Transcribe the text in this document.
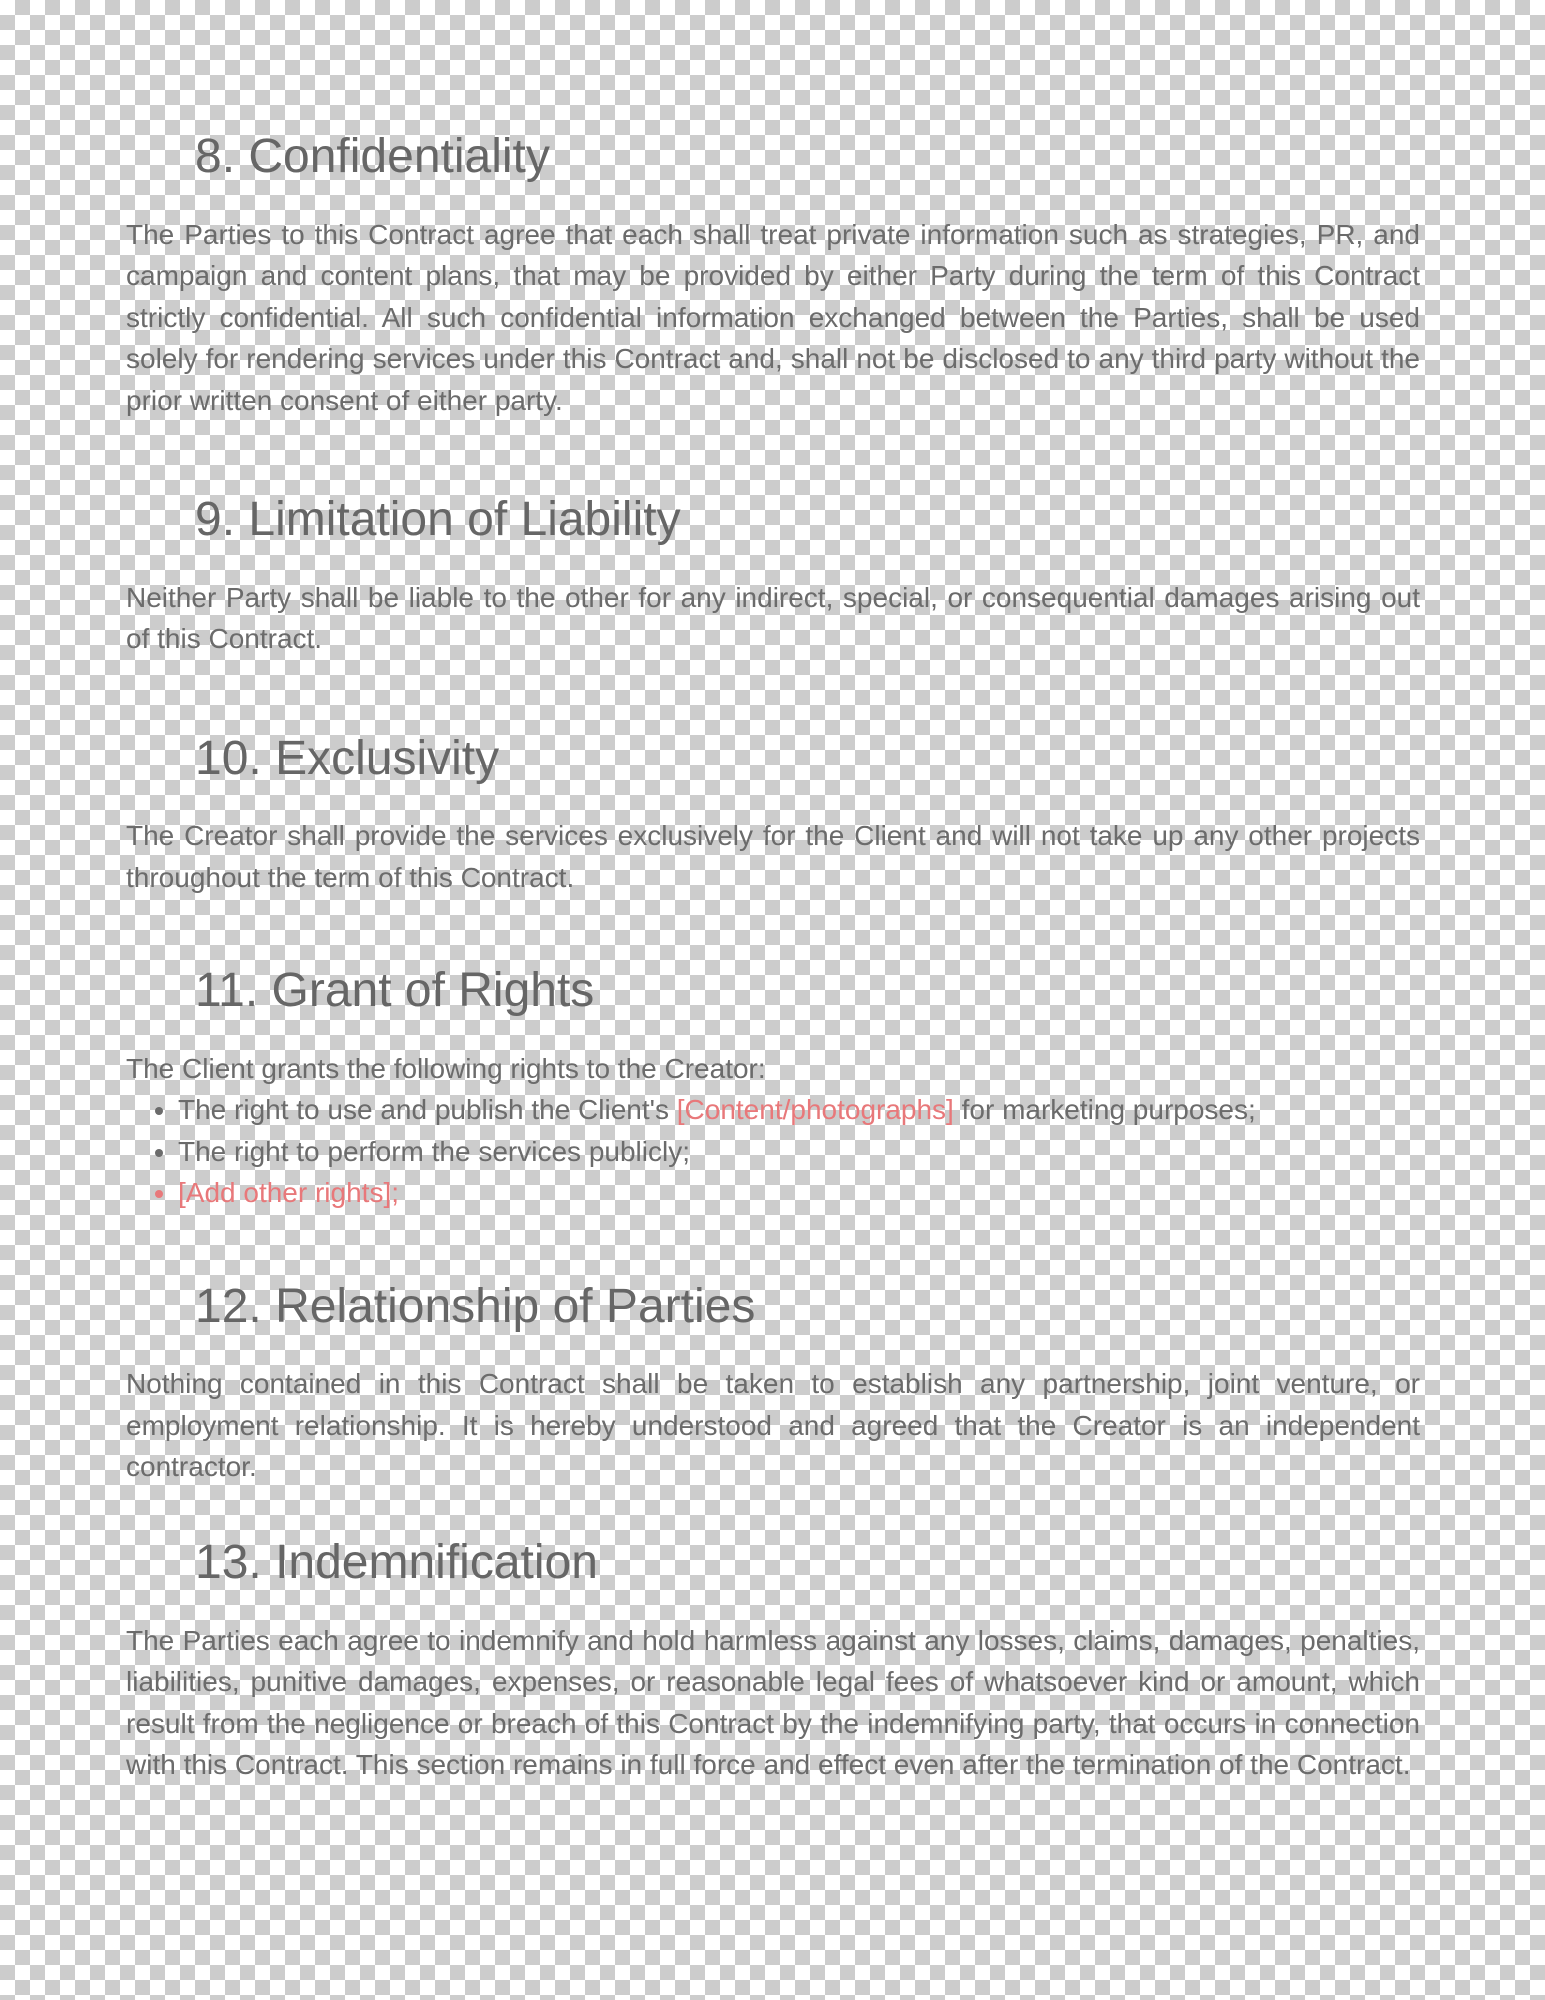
8. Confidentiality

The Parties to this Contract agree that each shall treat private information such as strategies, PR, and campaign and content plans, that may be provided by either Party during the term of this Contract strictly confidential. All such confidential information exchanged between the Parties, shall be used solely for rendering services under this Contract and, shall not be disclosed to any third party without the prior written consent of either party.

9. Limitation of Liability

Neither Party shall be liable to the other for any indirect, special, or consequential damages arising out of this Contract.

10. Exclusivity

The Creator shall provide the services exclusively for the Client and will not take up any other projects throughout the term of this Contract.

11. Grant of Rights

The Client grants the following rights to the Creator:

• The right to use and publish the Client's [Content/photographs] for marketing purposes;
• The right to perform the services publicly;
• [Add other rights];
12. Relationship of Parties

Nothing contained in this Contract shall be taken to establish any partnership, joint venture, or employment relationship. It is hereby understood and agreed that the Creator is an independent contractor.

13. Indemnification

The Parties each agree to indemnify and hold harmless against any losses, claims, damages, penalties, liabilities, punitive damages, expenses, or reasonable legal fees of whatsoever kind or amount, which result from the negligence or breach of this Contract by the indemnifying party, that occurs in connection with this Contract. This section remains in full force and effect even after the termination of the Contract.
